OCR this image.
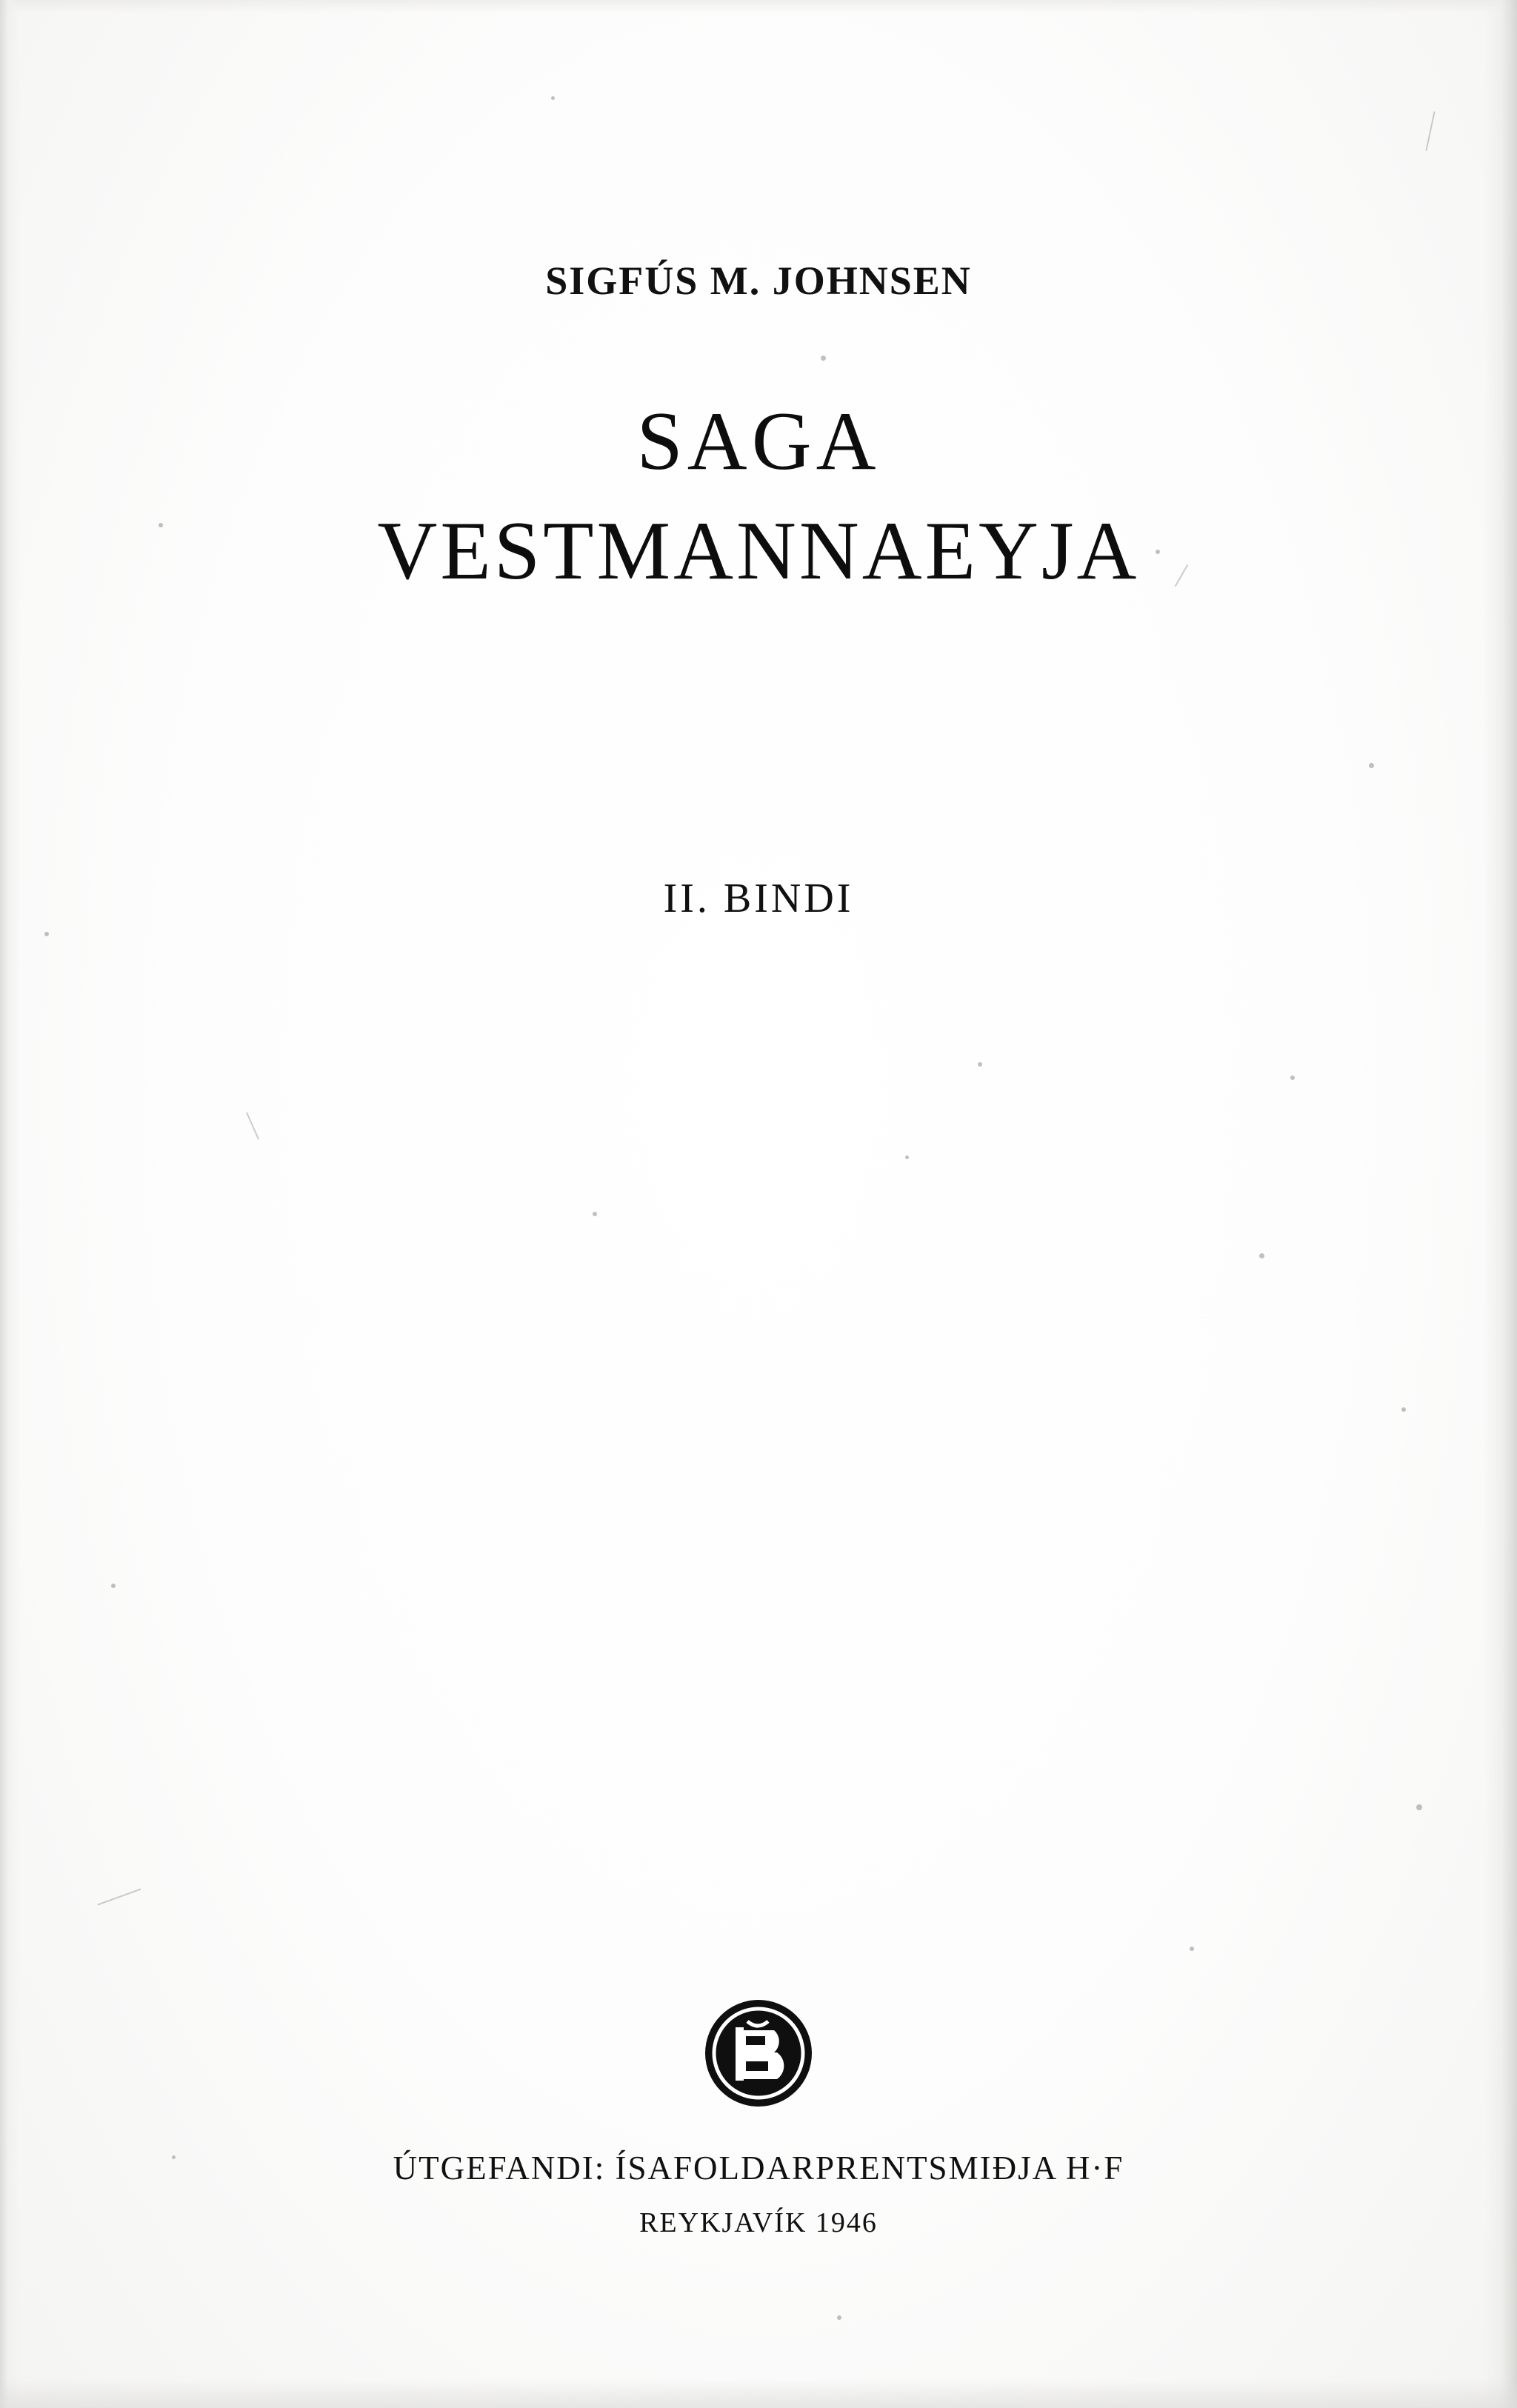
SIGFÚS M. JOHNSEN
SAGA
VESTMANNAEYJA
II. BINDI
ÚTGEFANDI: ÍSAFOLDARPRENTSMIÐJA H·F
REYKJAVÍK 1946
